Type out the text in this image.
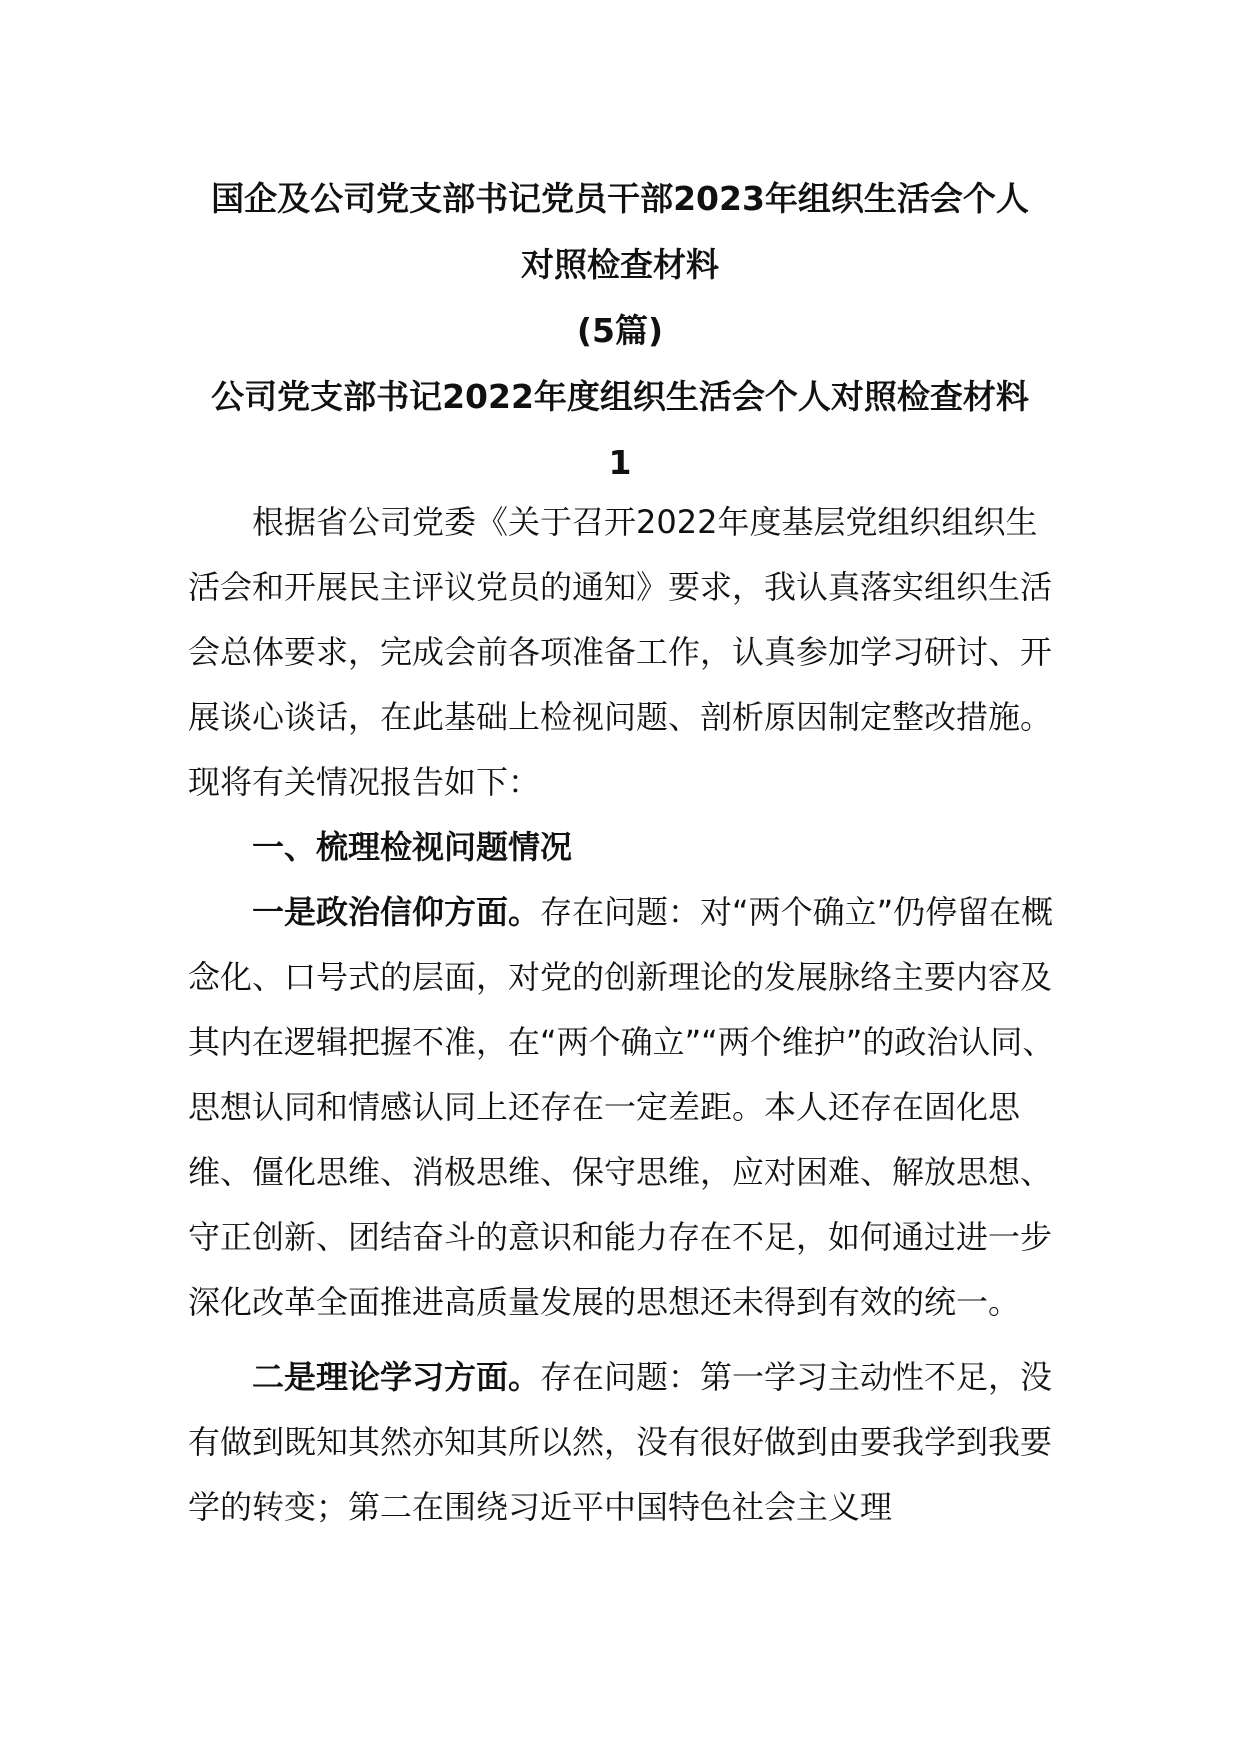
国企及公司党支部书记党员干部2023年组织生活会个人
对照检查材料
(5篇)
公司党支部书记2022年度组织生活会个人对照检查材料
1

根据省公司党委《关于召开2022年度基层党组织组织生活会和开展民主评议党员的通知》要求，我认真落实组织生活会总体要求，完成会前各项准备工作，认真参加学习研讨、开展谈心谈话，在此基础上检视问题、剖析原因制定整改措施。现将有关情况报告如下：

一、梳理检视问题情况

一是政治信仰方面。存在问题：对“两个确立”仍停留在概念化、口号式的层面，对党的创新理论的发展脉络主要内容及其内在逻辑把握不准，在“两个确立”“两个维护”的政治认同、思想认同和情感认同上还存在一定差距。本人还存在固化思维、僵化思维、消极思维、保守思维，应对困难、解放思想、守正创新、团结奋斗的意识和能力存在不足，如何通过进一步深化改革全面推进高质量发展的思想还未得到有效的统一。

二是理论学习方面。存在问题：第一学习主动性不足，没有做到既知其然亦知其所以然，没有很好做到由要我学到我要学的转变；第二在围绕习近平中国特色社会主义理
